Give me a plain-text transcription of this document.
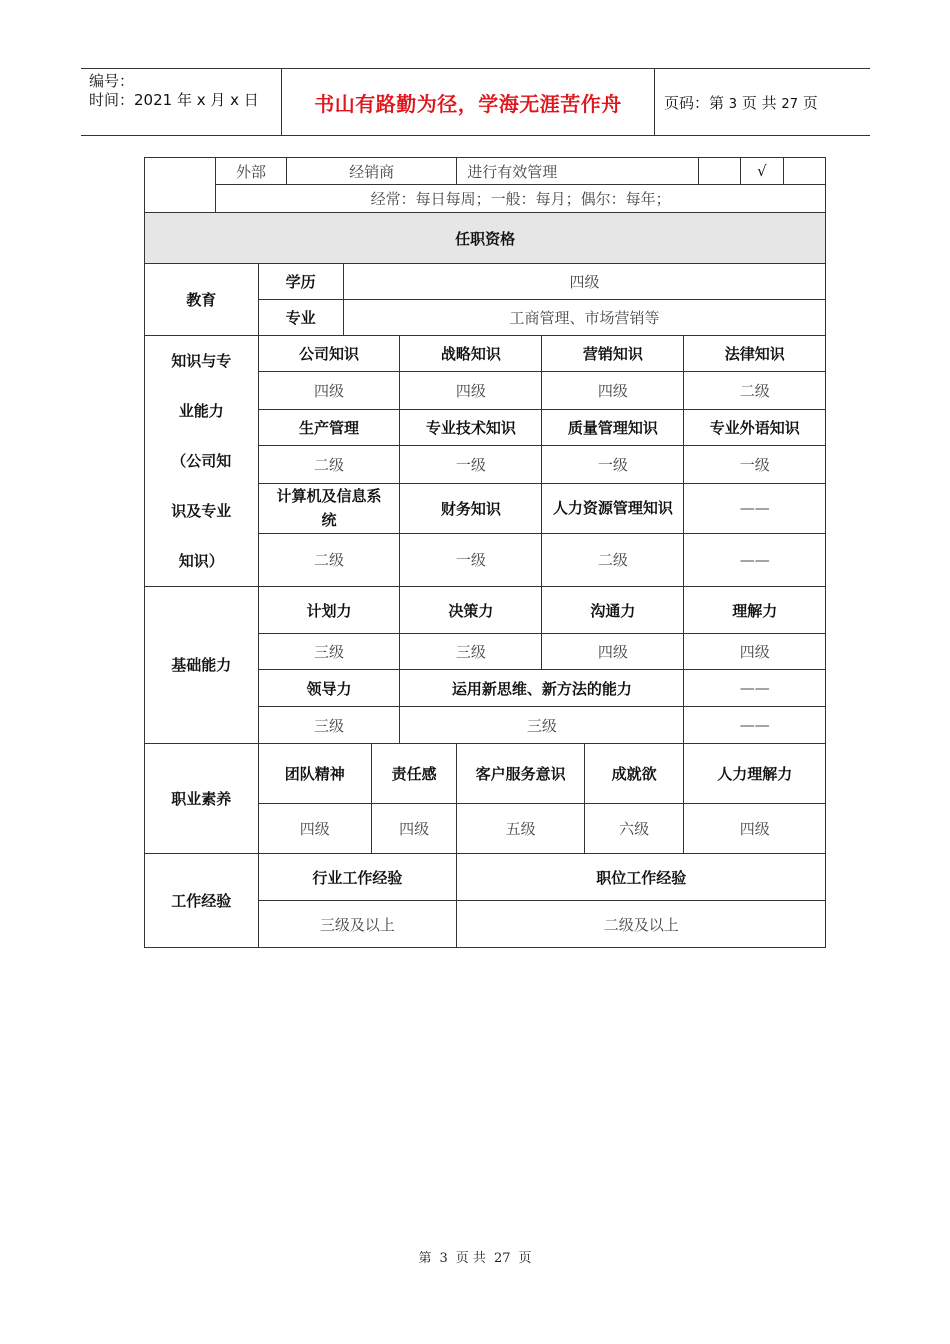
编号：
时间：2021 年 x 月 x 日	书山有路勤为径，学海无涯苦作舟	页码：第 3 页 共 27 页
	外部		经销商				进行有效管理					√	
	经常：每日每周；一般：每月；偶尔：每年；												
任职资格													
教育		学历		四级									
		专业		工商管理、市场营销等									

知识与专
业能力
（公司知
识及专业
知识）		公司知识				战略知识		营销知识		法律知识			
		四级				四级		四级		二级			
		生产管理				专业技术知识		质量管理知识		专业外语知识			
		二级				一级		一级		一级			
		计算机及信息系统				财务知识		人力资源管理知识		——			
		二级				一级		二级		——			
基础能力		计划力				决策力		沟通力		理解力			
		三级				三级		四级		四级			
		领导力				运用新思维、新方法的能力				——			
		三级				三级				——			
职业素养		团队精神			责任感		客户服务意识		成就欲	人力理解力			
		四级			四级		五级		六级	四级			
工作经验		行业工作经验					职位工作经验						
		三级及以上					二级及以上						
第 3 页 共 27 页
